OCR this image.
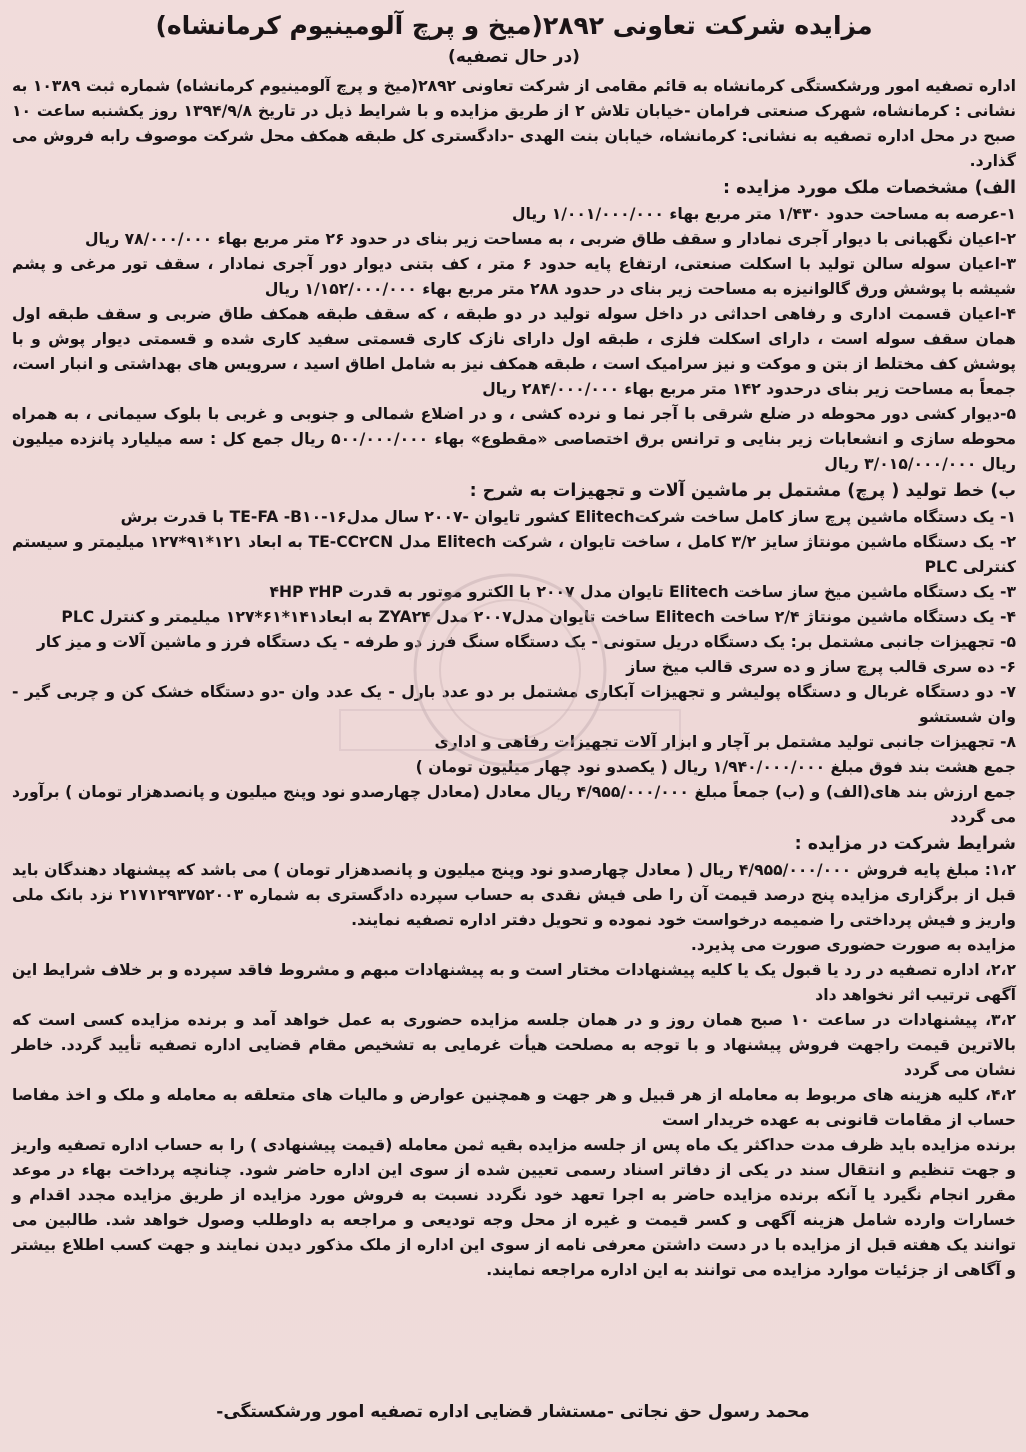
مزایده شرکت تعاونی ۲۸۹۲(میخ و پرچ آلومینیوم کرمانشاه)
(در حال تصفیه)

اداره تصفیه امور ورشکستگی کرمانشاه به قائم مقامی از شرکت تعاونی ۲۸۹۲(میخ و پرچ آلومینیوم کرمانشاه) شماره ثبت ۱۰۳۸۹ به نشانی : کرمانشاه، شهرک صنعتی فرامان -خیابان تلاش ۲ از طریق مزایده و با شرایط ذیل در تاریخ ۱۳۹۴/۹/۸ روز یکشنبه ساعت ۱۰ صبح در محل اداره تصفیه به نشانی: کرمانشاه، خیابان بنت الهدی -دادگستری کل طبقه همکف محل شرکت موصوف رابه فروش می گذارد.

الف) مشخصات ملک مورد مزایده :

۱-عرصه به مساحت حدود ۱/۴۳۰ متر مربع بهاء ۱/۰۰۱/۰۰۰/۰۰۰ ریال

۲-اعیان نگهبانی با دیوار آجری نمادار و سقف طاق ضربی ، به مساحت زیر بنای در حدود ۲۶ متر مربع بهاء ۷۸/۰۰۰/۰۰۰ ریال

۳-اعیان سوله سالن تولید با اسکلت صنعتی، ارتفاع پایه حدود ۶ متر ، کف بتنی دیوار دور آجری نمادار ، سقف تور مرغی و پشم شیشه با پوشش ورق گالوانیزه به مساحت زیر بنای در حدود ۲۸۸ متر مربع بهاء ۱/۱۵۲/۰۰۰/۰۰۰ ریال

۴-اعیان قسمت اداری و رفاهی احداثی در داخل سوله تولید در دو طبقه ، که سقف طبقه همکف طاق ضربی و سقف طبقه اول همان سقف سوله است ، دارای اسکلت فلزی ، طبقه اول دارای نازک کاری قسمتی سفید کاری شده و قسمتی دیوار پوش و با پوشش کف مختلط از بتن و موکت و نیز سرامیک است ، طبقه همکف نیز به شامل اطاق اسید ، سرویس های بهداشتی و انبار است، جمعاً به مساحت زیر بنای درحدود ۱۴۲ متر مربع بهاء ۲۸۴/۰۰۰/۰۰۰ ریال

۵-دیوار کشی دور محوطه در ضلع شرقی با آجر نما و نرده کشی ، و در اضلاع شمالی و جنوبی و غربی با بلوک سیمانی ، به همراه محوطه سازی و انشعابات زیر بنایی و ترانس برق اختصاصی «مقطوع» بهاء ۵۰۰/۰۰۰/۰۰۰ ریال جمع کل : سه میلیارد پانزده میلیون ریال ۳/۰۱۵/۰۰۰/۰۰۰ ریال

ب) خط تولید ( پرچ) مشتمل بر ماشین آلات و تجهیزات به شرح :

۱- یک دستگاه ماشین پرچ ساز کامل ساخت شرکتElitech کشور تایوان -۲۰۰۷ سال مدل۱۶-TE-FA -B۱۰ با قدرت برش

۲- یک دستگاه ماشین مونتاژ سایز ۳/۲ کامل ، ساخت تایوان ، شرکت Elitech مدل TE-CC۲CN به ابعاد ۱۲۱*۹۱*۱۲۷ میلیمتر و سیستم کنترلی PLC

۳- یک دستگاه ماشین میخ ساز ساخت Elitech تایوان مدل ۲۰۰۷ با الکترو موتور به قدرت ۴HP ۳HP

۴- یک دستگاه ماشین مونتاژ ۲/۴ ساخت Elitech ساخت تایوان مدل۲۰۰۷ مدل ZYA۲۴ به ابعاد۱۴۱*۶۱*۱۲۷ میلیمتر و کنترل PLC

۵- تجهیزات جانبی مشتمل بر: یک دستگاه دریل ستونی - یک دستگاه سنگ فرز دو طرفه - یک دستگاه فرز و ماشین آلات و میز کار

۶- ده سری قالب پرچ ساز و ده سری قالب میخ ساز

۷- دو دستگاه غربال و دستگاه پولیشر و تجهیزات آبکاری مشتمل بر دو عدد بارل - یک عدد وان -دو دستگاه خشک کن و چربی گیر - وان شستشو

۸- تجهیزات جانبی تولید مشتمل بر آچار و ابزار آلات تجهیزات رفاهی و اداری

جمع هشت بند فوق مبلغ ۱/۹۴۰/۰۰۰/۰۰۰ ریال ( یکصدو نود چهار میلیون تومان )

جمع ارزش بند های(الف) و (ب) جمعاً مبلغ ۴/۹۵۵/۰۰۰/۰۰۰ ریال معادل (معادل چهارصدو نود وپنج میلیون و پانصدهزار تومان ) برآورد می گردد

شرایط شرکت در مزایده :

۱،۲: مبلغ پایه فروش ۴/۹۵۵/۰۰۰/۰۰۰ ریال ( معادل چهارصدو نود وپنج میلیون و پانصدهزار تومان ) می باشد که پیشنهاد دهندگان باید قبل از برگزاری مزایده پنج درصد قیمت آن را طی فیش نقدی به حساب سپرده دادگستری به شماره ۲۱۷۱۲۹۳۷۵۲۰۰۳ نزد بانک ملی واریز و فیش پرداختی را ضمیمه درخواست خود نموده و تحویل دفتر اداره تصفیه نمایند.

مزایده به صورت حضوری صورت می پذیرد.

۲،۲، اداره تصفیه در رد یا قبول یک یا کلیه پیشنهادات مختار است و به پیشنهادات مبهم و مشروط فاقد سپرده و بر خلاف شرایط این آگهی ترتیب اثر نخواهد داد

۳،۲، پیشنهادات در ساعت ۱۰ صبح همان روز و در همان جلسه مزایده حضوری به عمل خواهد آمد و برنده مزایده کسی است که بالاترین قیمت راجهت فروش پیشنهاد و با توجه به مصلحت هیأت غرمایی به تشخیص مقام قضایی اداره تصفیه تأیید گردد. خاطر نشان می گردد

۴،۲، کلیه هزینه های مربوط به معامله از هر قبیل و هر جهت و همچنین عوارض و مالیات های متعلقه به معامله و ملک و اخذ مفاصا حساب از مقامات قانونی به عهده خریدار است

برنده مزایده باید ظرف مدت حداکثر یک ماه پس از جلسه مزایده بقیه ثمن معامله (قیمت پیشنهادی ) را به حساب اداره تصفیه واریز و جهت تنظیم و انتقال سند در یکی از دفاتر اسناد رسمی تعیین شده از سوی این اداره حاضر شود. چنانچه پرداخت بهاء در موعد مقرر انجام نگیرد یا آنکه برنده مزایده حاضر به اجرا تعهد خود نگردد نسبت به فروش مورد مزایده از طریق مزایده مجدد اقدام و خسارات وارده شامل هزینه آگهی و کسر قیمت و غیره از محل وجه تودیعی و مراجعه به داوطلب وصول خواهد شد. طالبین می توانند یک هفته قبل از مزایده با در دست داشتن معرفی نامه از سوی این اداره از ملک مذکور دیدن نمایند و جهت کسب اطلاع بیشتر و آگاهی از جزئیات موارد مزایده می توانند به این اداره مراجعه نمایند.

محمد رسول حق نجاتی -مستشار قضایی اداره تصفیه امور ورشکستگی-
